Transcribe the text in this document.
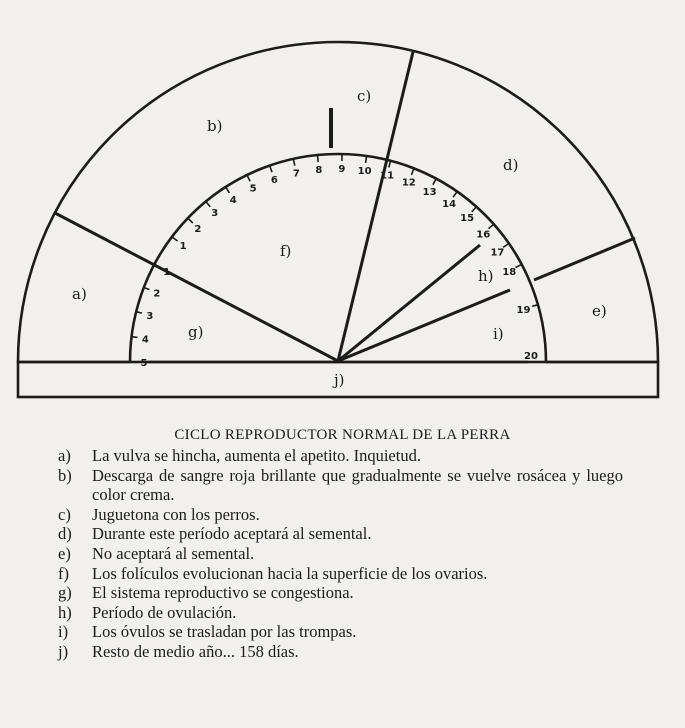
1
2
3
4
5
6
7 8 9 10 11
12
13
14
15
16
17
18
1
2
3
4
5
19
20
a)
b)
c)
d)
e)
f)
g)
h)
i)
j)
CICLO REPRODUCTOR NORMAL DE LA PERRA
a)	La vulva se hincha, aumenta el apetito. Inquietud.
b)	Descarga de sangre roja brillante que gradualmente se vuelve rosácea y luego color crema.
c)	Juguetona con los perros.
d)	Durante este período aceptará al semental.
e)	No aceptará al semental.
f)	Los folículos evolucionan hacia la superficie de los ovarios.
g)	El sistema reproductivo se congestiona.
h)	Período de ovulación.
i)	Los óvulos se trasladan por las trompas.
j)	Resto de medio año... 158 días.
